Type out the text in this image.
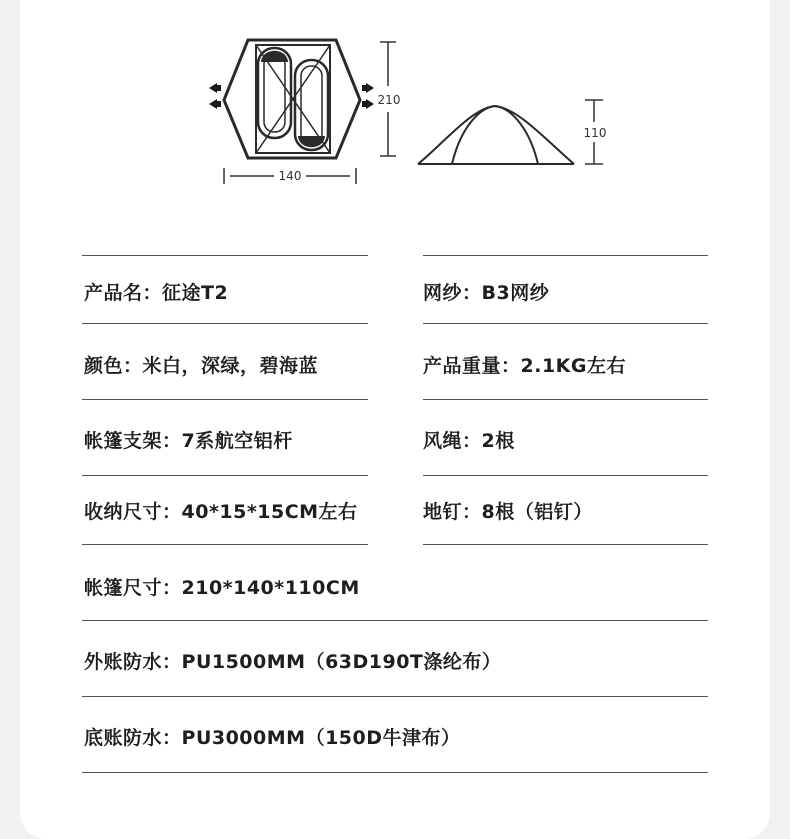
140
210
110
产品名：征途T2	网纱：B3网纱
颜色：米白，深绿，碧海蓝	产品重量：2.1KG左右
帐篷支架：7系航空铝杆	风绳：2根
收纳尺寸：40*15*15CM左右	地钉：8根（铝钉）
帐篷尺寸：210*140*110CM
外账防水：PU1500MM（63D190T涤纶布）
底账防水：PU3000MM（150D牛津布）
